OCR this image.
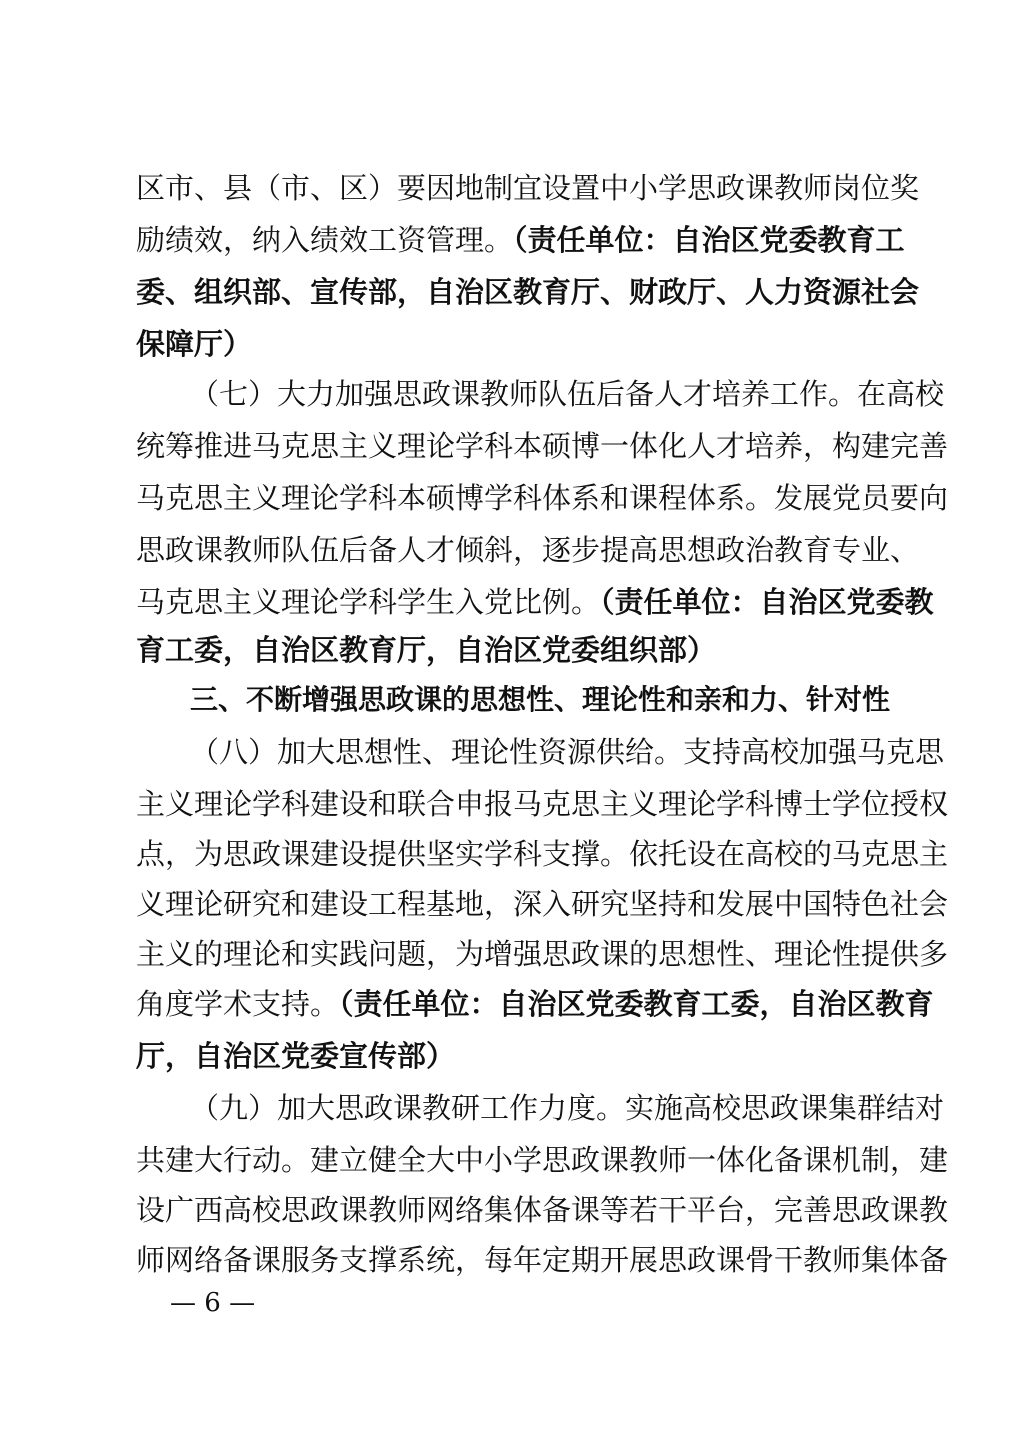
区市、县（市、区）要因地制宜设置中小学思政课教师岗位奖
励绩效，纳入绩效工资管理。（责任单位：自治区党委教育工
委、组织部、宣传部，自治区教育厅、财政厅、人力资源社会
保障厅）
（七）大力加强思政课教师队伍后备人才培养工作。在高校
统筹推进马克思主义理论学科本硕博一体化人才培养，构建完善
马克思主义理论学科本硕博学科体系和课程体系。发展党员要向
思政课教师队伍后备人才倾斜，逐步提高思想政治教育专业、
马克思主义理论学科学生入党比例。（责任单位：自治区党委教
育工委，自治区教育厅，自治区党委组织部）
三、不断增强思政课的思想性、理论性和亲和力、针对性
（八）加大思想性、理论性资源供给。支持高校加强马克思
主义理论学科建设和联合申报马克思主义理论学科博士学位授权
点，为思政课建设提供坚实学科支撑。依托设在高校的马克思主
义理论研究和建设工程基地，深入研究坚持和发展中国特色社会
主义的理论和实践问题，为增强思政课的思想性、理论性提供多
角度学术支持。（责任单位：自治区党委教育工委，自治区教育
厅，自治区党委宣传部）
（九）加大思政课教研工作力度。实施高校思政课集群结对
共建大行动。建立健全大中小学思政课教师一体化备课机制，建
设广西高校思政课教师网络集体备课等若干平台，完善思政课教
师网络备课服务支撑系统，每年定期开展思政课骨干教师集体备
— 6 —
